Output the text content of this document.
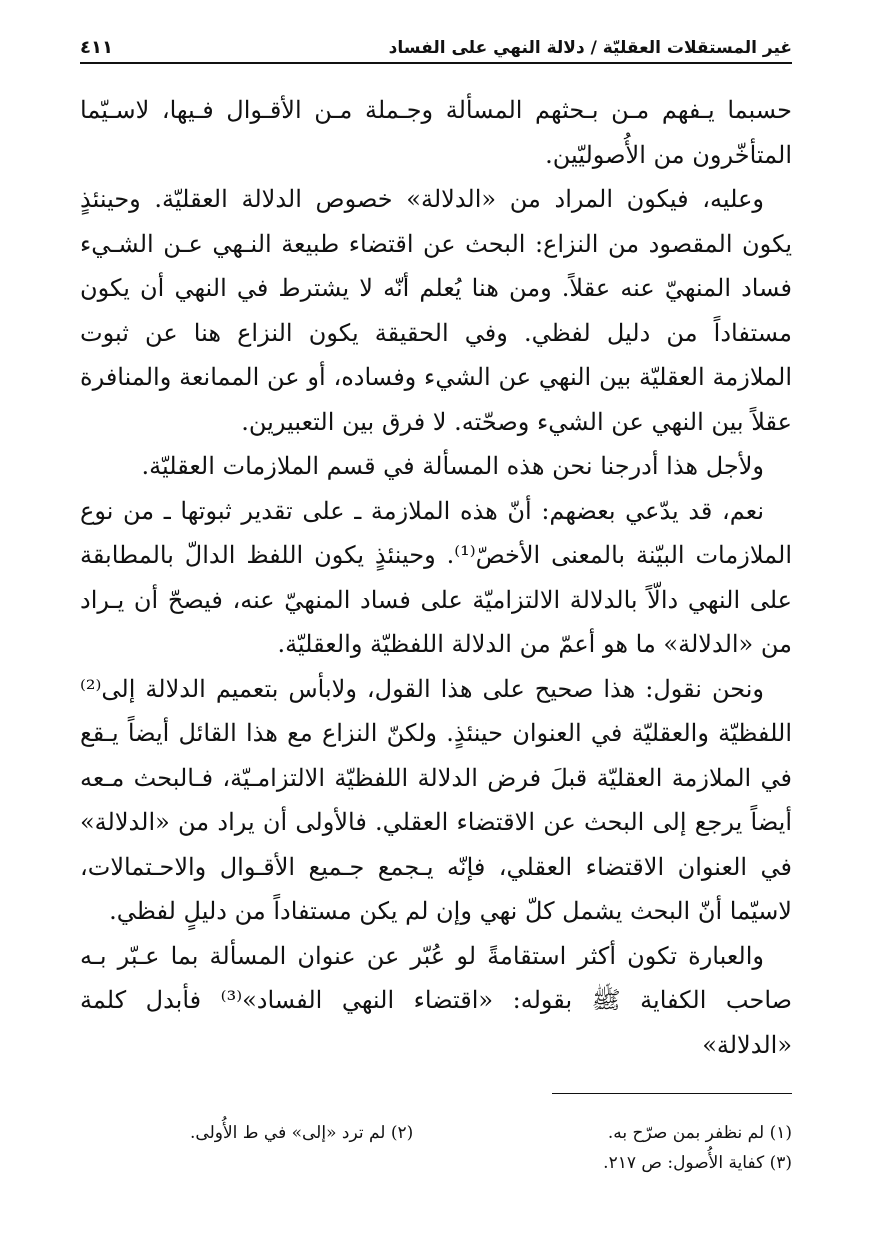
غير المستقلات العقليّة / دلالة النهي على الفساد
٤١١

حسبما يـفهم مـن بـحثهم المسألة وجـملة مـن الأقـوال فـيها، لاسـيّما المتأخّرون من الأُصوليّين.

وعليه، فيكون المراد من «الدلالة» خصوص الدلالة العقليّة. وحينئذٍ يكون المقصود من النزاع: البحث عن اقتضاء طبيعة النـهي عـن الشـيء فساد المنهيّ عنه عقلاً. ومن هنا يُعلم أنّه لا يشترط في النهي أن يكون مستفاداً من دليل لفظي. وفي الحقيقة يكون النزاع هنا عن ثبوت الملازمة العقليّة بين النهي عن الشيء وفساده، أو عن الممانعة والمنافرة عقلاً بين النهي عن الشيء وصحّته. لا فرق بين التعبيرين.

ولأجل هذا أدرجنا نحن هذه المسألة في قسم الملازمات العقليّة.

نعم، قد يدّعي بعضهم: أنّ هذه الملازمة ـ على تقدير ثبوتها ـ من نوع الملازمات البيّنة بالمعنى الأخصّ⁽¹⁾. وحينئذٍ يكون اللفظ الدالّ بالمطابقة على النهي دالّاً بالدلالة الالتزاميّة على فساد المنهيّ عنه، فيصحّ أن يـراد من «الدلالة» ما هو أعمّ من الدلالة اللفظيّة والعقليّة.

ونحن نقول: هذا صحيح على هذا القول، ولابأس بتعميم الدلالة إلى⁽²⁾ اللفظيّة والعقليّة في العنوان حينئذٍ. ولكنّ النزاع مع هذا القائل أيضاً يـقع في الملازمة العقليّة قبلَ فرض الدلالة اللفظيّة الالتزامـيّة، فـالبحث مـعه أيضاً يرجع إلى البحث عن الاقتضاء العقلي. فالأولى أن يراد من «الدلالة» في العنوان الاقتضاء العقلي، فإنّه يـجمع جـميع الأقـوال والاحـتمالات، لاسيّما أنّ البحث يشمل كلّ نهي وإن لم يكن مستفاداً من دليلٍ لفظي.

والعبارة تكون أكثر استقامةً لو عُبّر عن عنوان المسألة بما عـبّر بـه صاحب الكفاية ﷺ بقوله: «اقتضاء النهي الفساد»⁽³⁾ فأبدل كلمة «الدلالة»

(١) لم نظفر بمن صرّح به.
(٢) لم ترد «إلى» في ط الأُولى.
(٣) كفاية الأُصول: ص ٢١٧.
